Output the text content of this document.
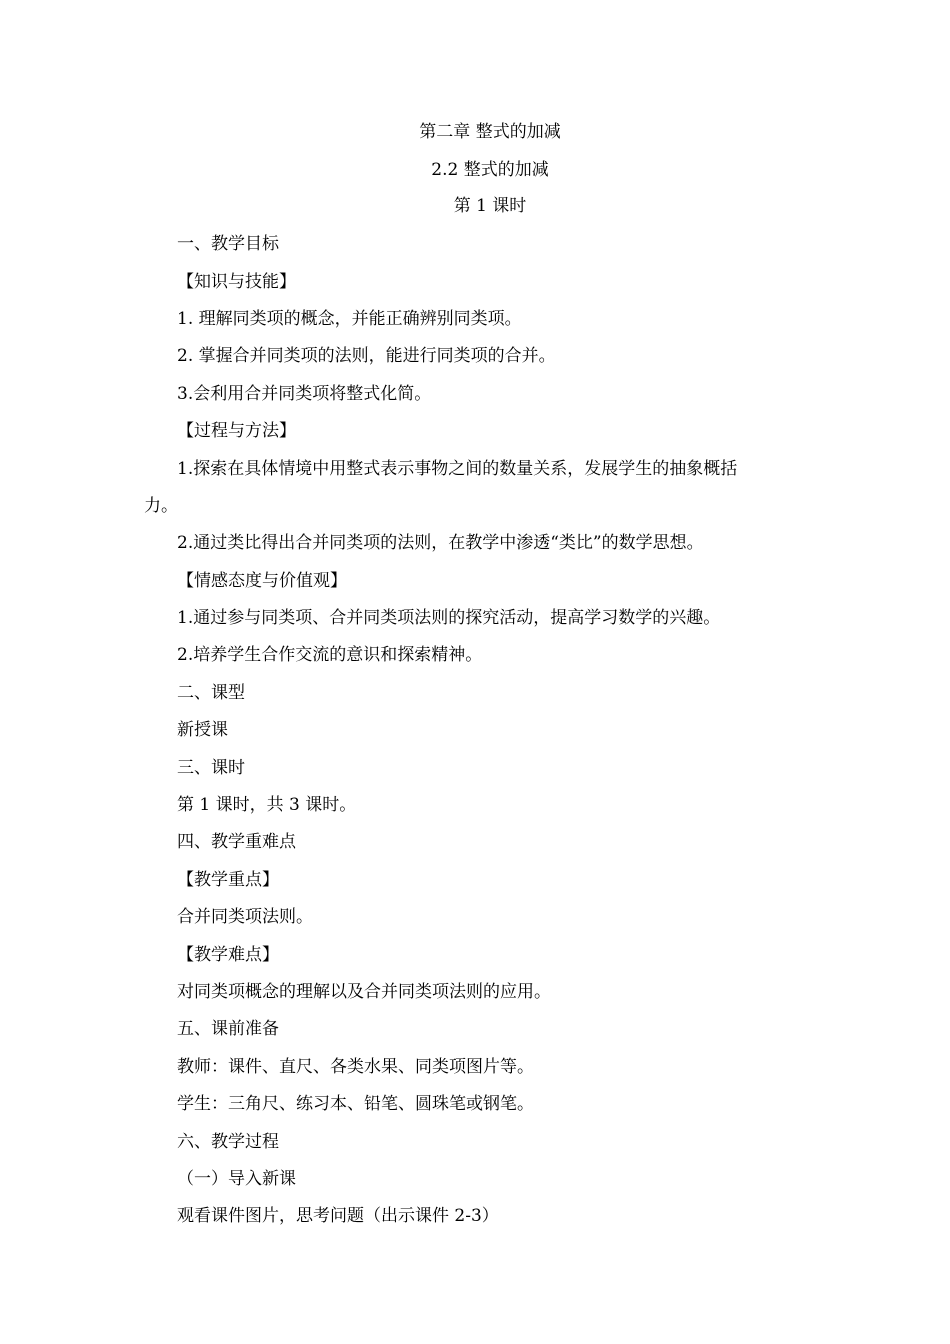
第二章 整式的加减
2.2 整式的加减
第 1 课时
一、教学目标
【知识与技能】
1. 理解同类项的概念，并能正确辨别同类项。
2. 掌握合并同类项的法则，能进行同类项的合并。
3.会利用合并同类项将整式化简。
【过程与方法】
1.探索在具体情境中用整式表示事物之间的数量关系，发展学生的抽象概括
力。
2.通过类比得出合并同类项的法则，在教学中渗透“类比”的数学思想。
【情感态度与价值观】
1.通过参与同类项、合并同类项法则的探究活动，提高学习数学的兴趣。
2.培养学生合作交流的意识和探索精神。
二、课型
新授课
三、课时
第 1 课时，共 3 课时。
四、教学重难点
【教学重点】
合并同类项法则。
【教学难点】
对同类项概念的理解以及合并同类项法则的应用。
五、课前准备
教师：课件、直尺、各类水果、同类项图片等。
学生：三角尺、练习本、铅笔、圆珠笔或钢笔。
六、教学过程
（一）导入新课
观看课件图片，思考问题（出示课件 2-3）
